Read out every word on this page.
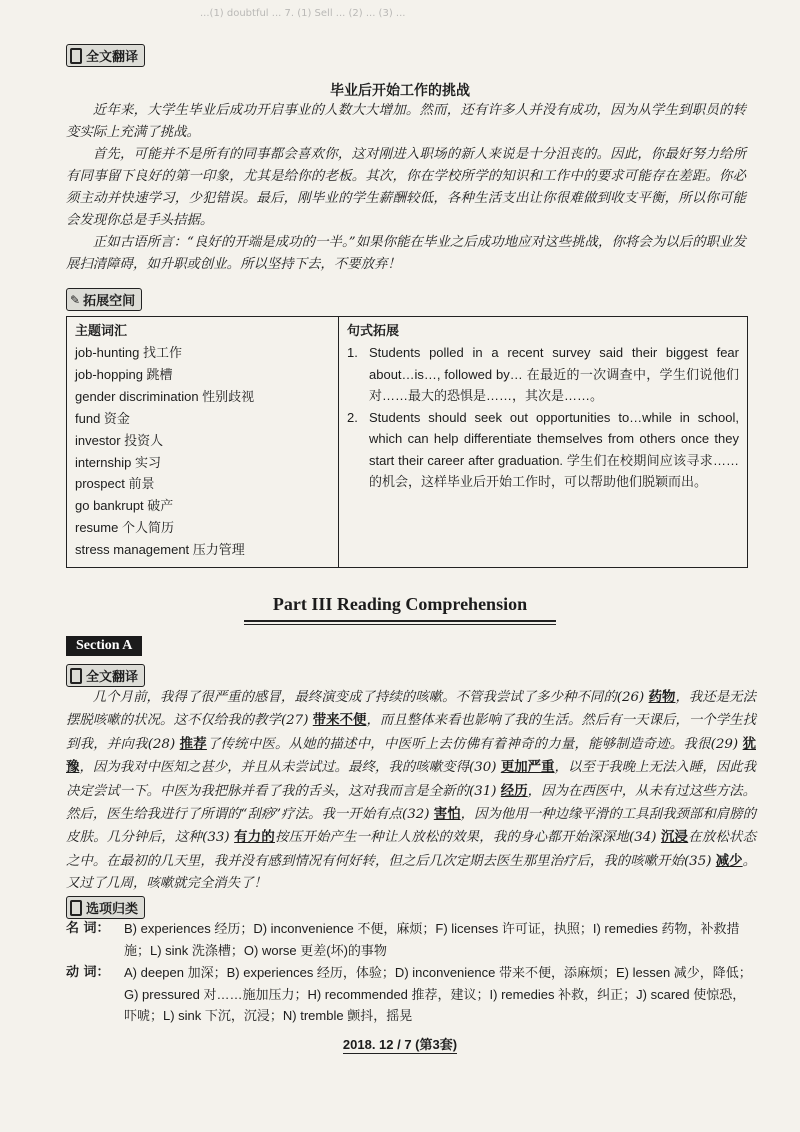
...(1) doubtful ... 7. (1) Sell ... (2) ... (3) ...
全文翻译
毕业后开始工作的挑战

近年来，大学生毕业后成功开启事业的人数大大增加。然而，还有许多人并没有成功，因为从学生到职员的转变实际上充满了挑战。

首先，可能并不是所有的同事都会喜欢你，这对刚进入职场的新人来说是十分沮丧的。因此，你最好努力给所有同事留下良好的第一印象，尤其是给你的老板。其次，你在学校所学的知识和工作中的要求可能存在差距。你必须主动并快速学习，少犯错误。最后，刚毕业的学生薪酬较低，各种生活支出让你很难做到收支平衡，所以你可能会发现你总是手头拮据。

正如古语所言：“良好的开端是成功的一半。”如果你能在毕业之后成功地应对这些挑战，你将会为以后的职业发展扫清障碍，如升职或创业。所以坚持下去，不要放弃！

✎ 拓展空间
主题词汇
job-hunting 找工作
job-hopping 跳槽
gender discrimination 性别歧视
fund 资金
investor 投资人
internship 实习
prospect 前景
go bankrupt 破产
resume 个人简历
stress management 压力管理
句式拓展
1. Students polled in a recent survey said their biggest fear about…is…, followed by… 在最近的一次调查中，学生们说他们对……最大的恐惧是……，其次是……。
2. Students should seek out opportunities to…while in school, which can help differentiate themselves from others once they start their career after graduation. 学生们在校期间应该寻求……的机会，这样毕业后开始工作时，可以帮助他们脱颖而出。
Part III Reading Comprehension
Section A
全文翻译

几个月前，我得了很严重的感冒，最终演变成了持续的咳嗽。不管我尝试了多少种不同的(26) 药物，我还是无法摆脱咳嗽的状况。这不仅给我的教学(27) 带来不便，而且整体来看也影响了我的生活。然后有一天课后，一个学生找到我，并向我(28) 推荐了传统中医。从她的描述中，中医听上去仿佛有着神奇的力量，能够制造奇迹。我很(29) 犹豫，因为我对中医知之甚少，并且从未尝试过。最终，我的咳嗽变得(30) 更加严重，以至于我晚上无法入睡，因此我决定尝试一下。中医为我把脉并看了我的舌头，这对我而言是全新的(31) 经历，因为在西医中，从未有过这些方法。然后，医生给我进行了所谓的“刮痧”疗法。我一开始有点(32) 害怕，因为他用一种边缘平滑的工具刮我颈部和肩膀的皮肤。几分钟后，这种(33) 有力的按压开始产生一种让人放松的效果，我的身心都开始深深地(34) 沉浸在放松状态之中。在最初的几天里，我并没有感到情况有何好转，但之后几次定期去医生那里治疗后，我的咳嗽开始(35) 减少。又过了几周，咳嗽就完全消失了！

选项归类
名 词：	B) experiences 经历；D) inconvenience 不便，麻烦；F) licenses 许可证，执照；I) remedies 药物，补救措施；L) sink 洗涤槽；O) worse 更差(坏)的事物
动 词：	A) deepen 加深；B) experiences 经历，体验；D) inconvenience 带来不便，添麻烦；E) lessen 减少，降低；G) pressured 对……施加压力；H) recommended 推荐，建议；I) remedies 补救，纠正；J) scared 使惊恐，吓唬；L) sink 下沉，沉浸；N) tremble 颤抖，摇晃
2018. 12 / 7 (第3套)
